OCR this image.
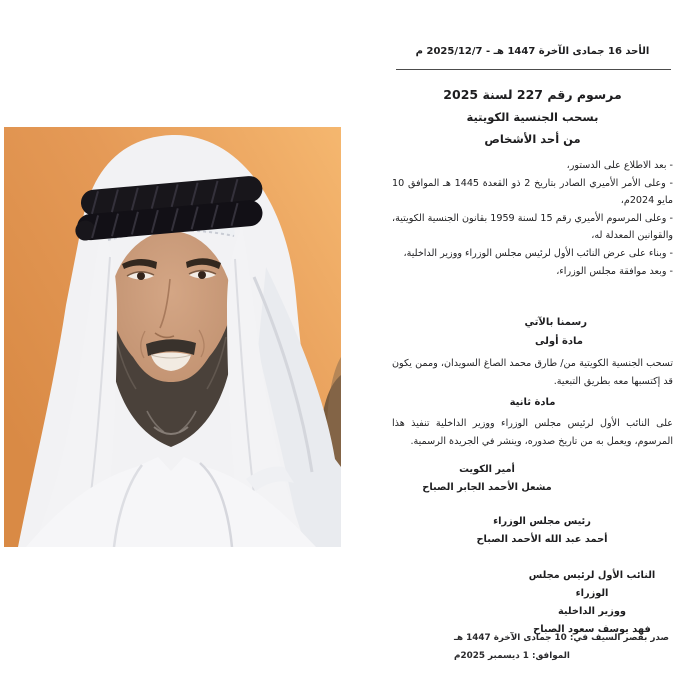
الأحد 16 جمادى الآخرة 1447 هـ - 2025/12/7 م
مرسوم رقم 227 لسنة 2025
بسحب الجنسية الكويتية
من أحد الأشخاص

- بعد الاطلاع على الدستور،

- وعلى الأمر الأميري الصادر بتاريخ 2 ذو القعدة 1445 هـ الموافق 10 مايو 2024م،

- وعلى المرسوم الأميري رقم 15 لسنة 1959 بقانون الجنسية الكويتية، والقوانين المعدلة له،

- وبناء على عرض النائب الأول لرئيس مجلس الوزراء ووزير الداخلية،

- وبعد موافقة مجلس الوزراء،

رسمنا بالآتي
مادة أولى
تسحب الجنسية الكويتية من/ طارق محمد الصاغ السويدان، وممن يكون قد إكتسبها معه بطريق التبعية.
مادة ثانية
على النائب الأول لرئيس مجلس الوزراء ووزير الداخلية تنفيذ هذا المرسوم، ويعمل به من تاريخ صدوره، وينشر في الجريدة الرسمية.
أمير الكويت
مشعل الأحمد الجابر الصباح
رئيس مجلس الوزراء
أحمد عبد الله الأحمد الصباح
النائب الأول لرئيس مجلس الوزراء
ووزير الداخلية
فهد يوسف سعود الصباح

صدر بقصر السيف في: 10 جمادى الآخرة 1447 هـ

الموافق: 1 ديسمبر 2025م
